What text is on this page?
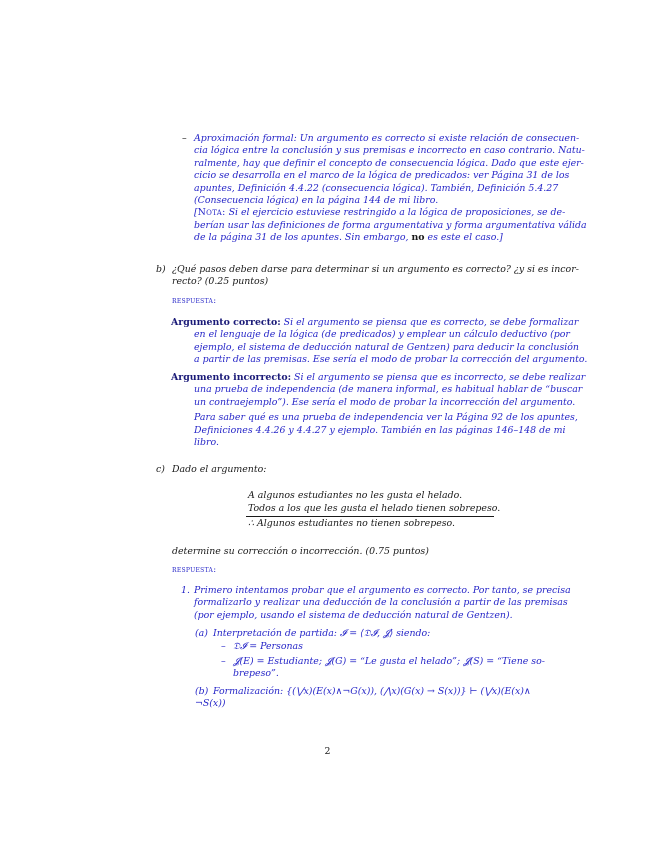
– Aproximación formal: Un argumento es correcto si existe relación de consecuen-
cia lógica entre la conclusión y sus premisas e incorrecto en caso contrario. Natu-
ralmente, hay que definir el concepto de consecuencia lógica. Dado que este ejer-
cicio se desarrolla en el marco de la lógica de predicados: ver Página 31 de los
apuntes, Definición 4.4.22 (consecuencia lógica). También, Definición 5.4.27
(Consecuencia lógica) en la página 144 de mi libro.
[Nota: Si el ejercicio estuviese restringido a la lógica de proposiciones, se de-
berían usar las definiciones de forma argumentativa y forma argumentativa válida
de la página 31 de los apuntes. Sin embargo, no es este el caso.]
b) ¿Qué pasos deben darse para determinar si un argumento es correcto? ¿y si es incor-
recto? (0.25 puntos)
respuesta:
Argumento correcto: Si el argumento se piensa que es correcto, se debe formalizar
en el lenguaje de la lógica (de predicados) y emplear un cálculo deductivo (por
ejemplo, el sistema de deducción natural de Gentzen) para deducir la conclusión
a partir de las premisas. Ese sería el modo de probar la corrección del argumento.
Argumento incorrecto: Si el argumento se piensa que es incorrecto, se debe realizar
una prueba de independencia (de manera informal, es habitual hablar de “buscar
un contraejemplo”). Ese sería el modo de probar la incorrección del argumento.
Para saber qué es una prueba de independencia ver la Página 92 de los apuntes,
Definiciones 4.4.26 y 4.4.27 y ejemplo. También en las páginas 146–148 de mi
libro.
c) Dado el argumento:
A algunos estudiantes no les gusta el helado.
Todos a los que les gusta el helado tienen sobrepeso.
∴ Algunos estudiantes no tienen sobrepeso.
determine su corrección o incorrección. (0.75 puntos)
respuesta:
1. Primero intentamos probar que el argumento es correcto. Por tanto, se precisa
formalizarlo y realizar una deducción de la conclusión a partir de las premisas
(por ejemplo, usando el sistema de deducción natural de Gentzen).
(a) Interpretación de partida: 𝓘 = ⟨𝔇𝓘, 𝓙⟩ siendo:
– 𝔇𝓘 = Personas
– 𝓙(E) = Estudiante; 𝓙(G) = “Le gusta el helado”; 𝓙(S) = “Tiene so-
brepeso”.
(b) Formalización: {(⋁x)(E(x)∧¬G(x)), (⋀x)(G(x) → S(x))} ⊢ (⋁x)(E(x)∧
¬S(x))
2
